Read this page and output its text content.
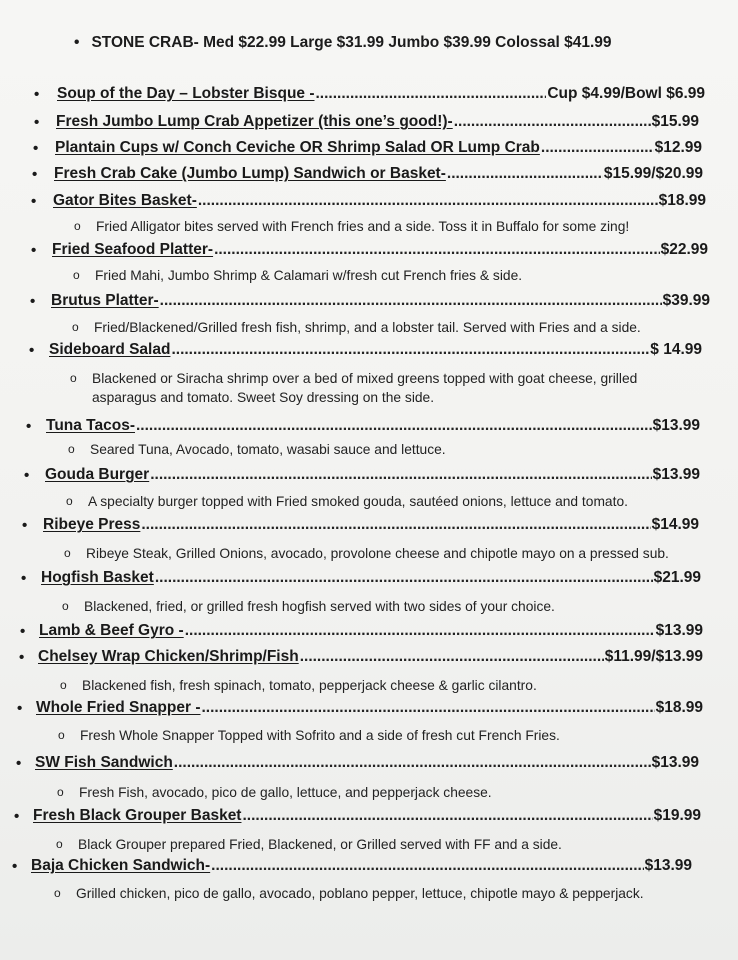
• STONE CRAB- Med $22.99 Large $31.99 Jumbo $39.99 Colossal $41.99
• Soup of the Day – Lobster Bisque - .....	Cup $4.99/Bowl $6.99
• Fresh Jumbo Lump Crab Appetizer (this one’s good!)- .....	$15.99
• Plantain Cups w/ Conch Ceviche OR Shrimp Salad OR Lump Crab .....	$12.99
• Fresh Crab Cake (Jumbo Lump) Sandwich or Basket- .....	$15.99/$20.99
• Gator Bites Basket- .....	$18.99
o Fried Alligator bites served with French fries and a side. Toss it in Buffalo for some zing!
• Fried Seafood Platter- .....	$22.99
o Fried Mahi, Jumbo Shrimp & Calamari w/fresh cut French fries & side.
• Brutus Platter- .....	$39.99
o Fried/Blackened/Grilled fresh fish, shrimp, and a lobster tail. Served with Fries and a side.
• Sideboard Salad .....	$ 14.99
o Blackened or Siracha shrimp over a bed of mixed greens topped with goat cheese, grilled asparagus and tomato. Sweet Soy dressing on the side.
• Tuna Tacos- .....	$13.99
o Seared Tuna, Avocado, tomato, wasabi sauce and lettuce.
• Gouda Burger .....	$13.99
o A specialty burger topped with Fried smoked gouda, sautéed onions, lettuce and tomato.
• Ribeye Press .....	$14.99
o Ribeye Steak, Grilled Onions, avocado, provolone cheese and chipotle mayo on a pressed sub.
• Hogfish Basket .....	$21.99
o Blackened, fried, or grilled fresh hogfish served with two sides of your choice.
• Lamb & Beef Gyro - .....	$13.99
• Chelsey Wrap Chicken/Shrimp/Fish .....	$11.99/$13.99
o Blackened fish, fresh spinach, tomato, pepperjack cheese & garlic cilantro.
• Whole Fried Snapper - .....	$18.99
o Fresh Whole Snapper Topped with Sofrito and a side of fresh cut French Fries.
• SW Fish Sandwich .....	$13.99
o Fresh Fish, avocado, pico de gallo, lettuce, and pepperjack cheese.
• Fresh Black Grouper Basket .....	$19.99
o Black Grouper prepared Fried, Blackened, or Grilled served with FF and a side.
• Baja Chicken Sandwich- .....	$13.99
o Grilled chicken, pico de gallo, avocado, poblano pepper, lettuce, chipotle mayo & pepperjack.
